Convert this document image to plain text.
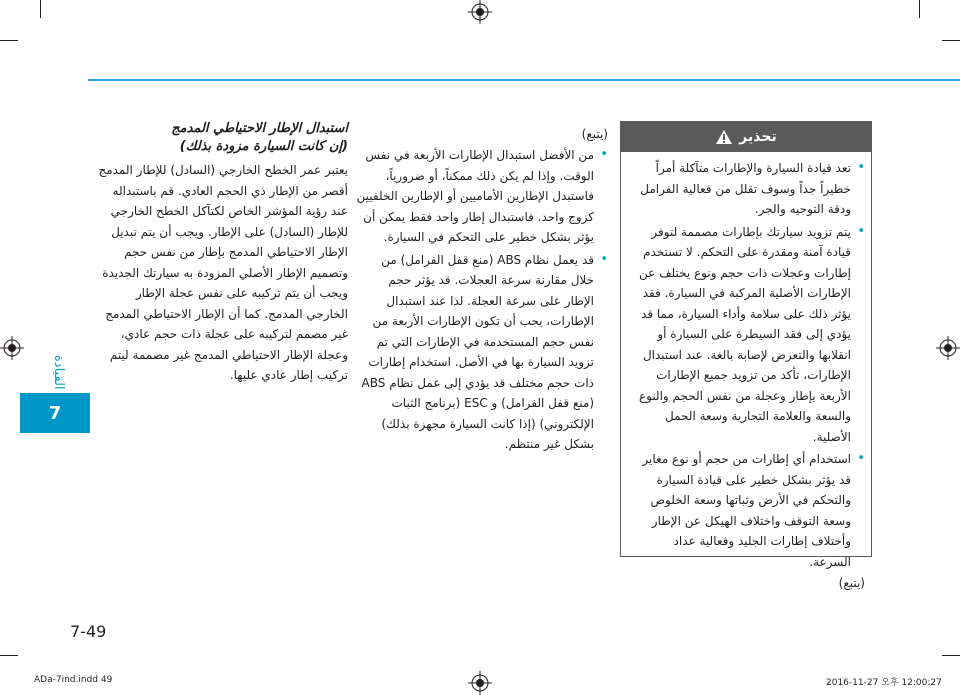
القيادة
7
استبدال الإطار الاحتياطي المدمج
(إن كانت السيارة مزودة بذلك)

يعتبر عمر الخطح الخارجي (السادل) للإطار المدمج أقصر من الإطار ذي الحجم العادي. قم باستبداله عند رؤية المؤشر الخاص لكتآكل الخطح الخارجي للإطار (السادل) على الإطار. ويجب أن يتم تبديل الإطار الاحتياطي المدمج بإطار من نفس حجم وتصميم الإطار الأصلي المزودة به سيارتك الجديدة ويجب أن يتم تركيبه على نفس عجلة الإطار الخارجي المدمج. كما أن الإطار الاحتياطي المدمج غير مصمم لتركيبه على عجلة ذات حجم عادي، وعجلة الإطار الاحتياطي المدمج غير مصممة ليتم تركيب إطار عادي عليها.

(يتبع)
• من الأفضل استبدال الإطارات الأربعة في نفس الوقت. وإذا لم يكن ذلك ممكناً، أو ضرورياً، فاستبدل الإطارين الأماميين أو الإطارين الخلفيين كزوج واحد. فاستبدال إطار واحد فقط يمكن أن يؤثر بشكل خطير على التحكم في السيارة.
• قد يعمل نظام ABS (منع قفل الفرامل) من خلال مقارنة سرعة العجلات. قد يؤثر حجم الإطار على سرعة العجلة. لذا عند استبدال الإطارات، يجب أن تكون الإطارات الأربعة من نفس حجم المستخدمة في الإطارات التي تم تزويد السيارة بها في الأصل. استخدام إطارات ذات حجم مختلف قد يؤدي إلى عمل نظام ABS (منع قفل الفرامل) و ESC (برنامج الثبات الإلكتروني) (إذا كانت السيارة مجهزة بذلك) بشكل غير منتظم.
تحذير
• تعد قيادة السيارة والإطارات متآكلة أمراً خطيراً جداً وسوف تقلل من فعالية الفرامل ودقة التوجيه والجر.
• يتم تزويد سيارتك بإطارات مصممة لتوفر قيادة آمنة ومقدرة على التحكم. لا تستخدم إطارات وعجلات ذات حجم ونوع يختلف عن الإطارات الأصلية المركبة في السيارة. فقد يؤثر ذلك على سلامة وأداء السيارة، مما قد يؤدي إلى فقد السيطرة على السيارة أو انقلابها والتعرض لإصابة بالغة. عند استبدال الإطارات، تأكد من تزويد جميع الإطارات الأربعة بإطار وعجلة من نفس الحجم والنوع والسعة والعلامة التجارية وسعة الحمل الأصلية.
• استخدام أي إطارات من حجم أو نوع مغاير قد يؤثر بشكل خطير على قيادة السيارة والتحكم في الأرض وثباتها وسعة الخلوص وسعة التوقف واختلاف الهيكل عن الإطار وأختلاف إطارات الجليد وفعالية عداد السرعة.
(يتبع)
7-49
ADa-7ind.indd 49	2016-11-27 오후 12:00:27
